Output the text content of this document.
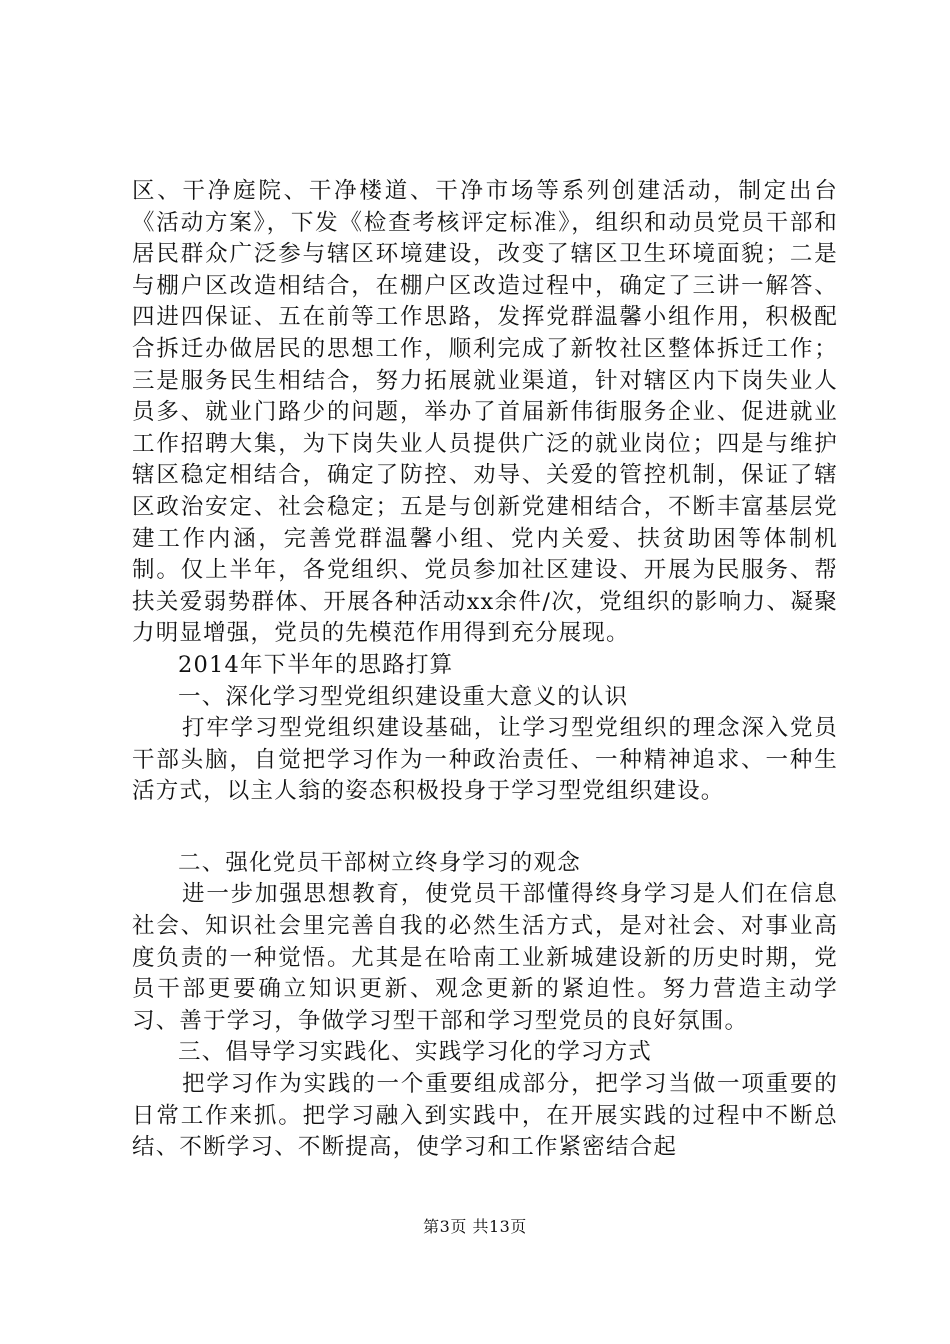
区、干净庭院、干净楼道、干净市场等系列创建活动，制定出台《活动方案》，下发《检查考核评定标准》，组织和动员党员干部和居民群众广泛参与辖区环境建设，改变了辖区卫生环境面貌；二是与棚户区改造相结合，在棚户区改造过程中，确定了三讲一解答、四进四保证、五在前等工作思路，发挥党群温馨小组作用，积极配合拆迁办做居民的思想工作，顺利完成了新牧社区整体拆迁工作；三是服务民生相结合，努力拓展就业渠道，针对辖区内下岗失业人员多、就业门路少的问题，举办了首届新伟街服务企业、促进就业工作招聘大集，为下岗失业人员提供广泛的就业岗位；四是与维护辖区稳定相结合，确定了防控、劝导、关爱的管控机制，保证了辖区政治安定、社会稳定；五是与创新党建相结合，不断丰富基层党建工作内涵，完善党群温馨小组、党内关爱、扶贫助困等体制机制。仅上半年，各党组织、党员参加社区建设、开展为民服务、帮扶关爱弱势群体、开展各种活动xx余件/次，党组织的影响力、凝聚力明显增强，党员的先模范作用得到充分展现。

2014年下半年的思路打算

一、深化学习型党组织建设重大意义的认识

打牢学习型党组织建设基础，让学习型党组织的理念深入党员干部头脑，自觉把学习作为一种政治责任、一种精神追求、一种生活方式，以主人翁的姿态积极投身于学习型党组织建设。

二、强化党员干部树立终身学习的观念

进一步加强思想教育，使党员干部懂得终身学习是人们在信息社会、知识社会里完善自我的必然生活方式，是对社会、对事业高度负责的一种觉悟。尤其是在哈南工业新城建设新的历史时期，党员干部更要确立知识更新、观念更新的紧迫性。努力营造主动学习、善于学习，争做学习型干部和学习型党员的良好氛围。

三、倡导学习实践化、实践学习化的学习方式

把学习作为实践的一个重要组成部分，把学习当做一项重要的日常工作来抓。把学习融入到实践中，在开展实践的过程中不断总结、不断学习、不断提高，使学习和工作紧密结合起

第3页 共13页
